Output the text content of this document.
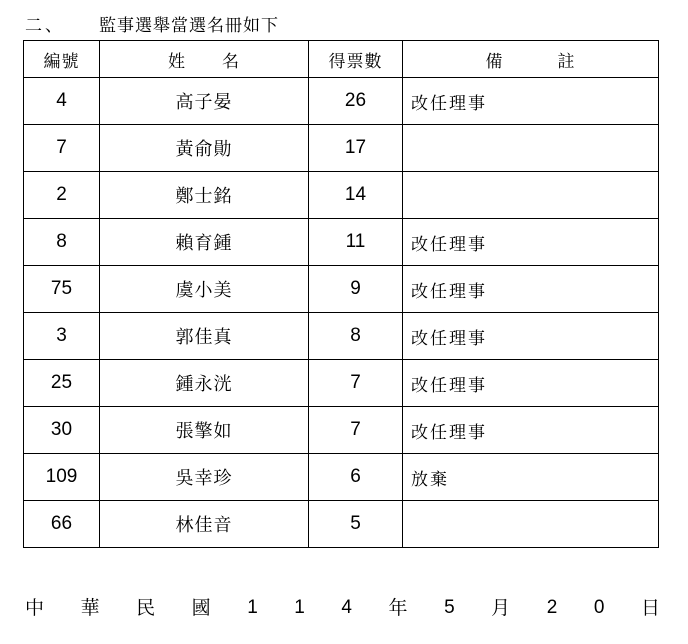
二、 監事選舉當選名冊如下
編號	姓　　名	得票數	備　　　註
4	高子晏	26	改任理事
7	黃俞勛	17	
2	鄭士銘	14	
8	賴育鍾	11	改任理事
75	虞小美	9	改任理事
3	郭佳真	8	改任理事
25	鍾永洸	7	改任理事
30	張擎如	7	改任理事
109	吳幸珍	6	放棄
66	林佳音	5	
中 華 民 國 1 1 4 年 5 月 2 0 日
